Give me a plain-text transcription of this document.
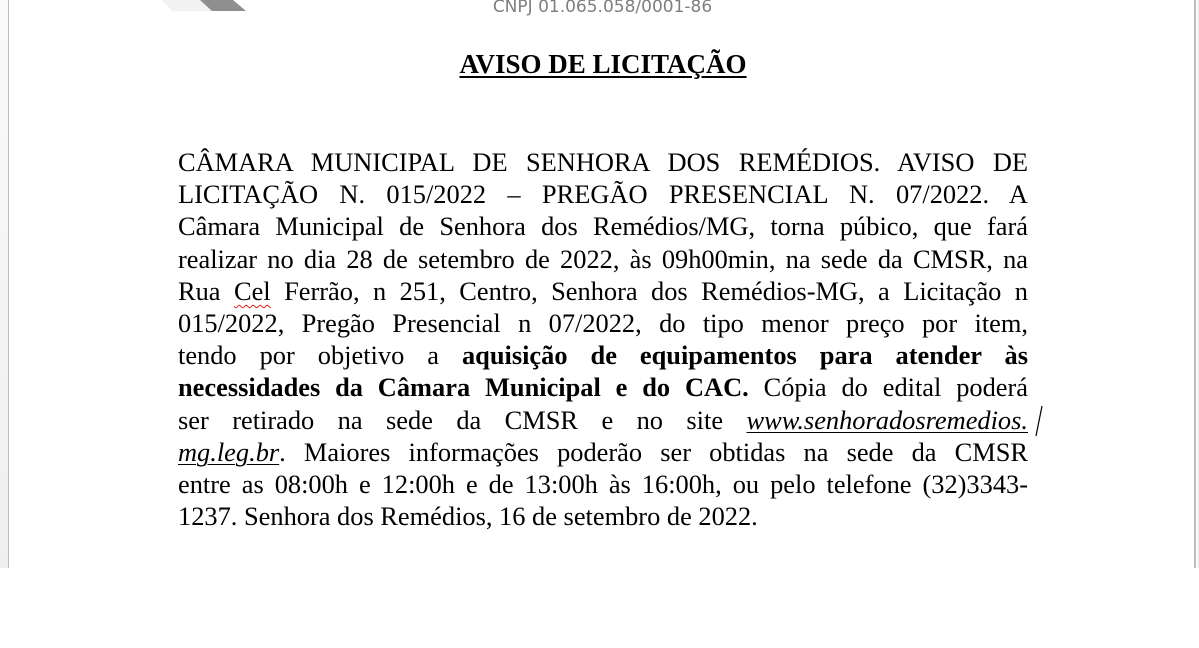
CNPJ 01.065.058/0001-86
AVISO DE LICITAÇÃO
CÂMARA MUNICIPAL DE SENHORA DOS REMÉDIOS. AVISO DE
LICITAÇÃO N. 015/2022 – PREGÃO PRESENCIAL N. 07/2022. A
Câmara Municipal de Senhora dos Remédios/MG, torna púbico, que fará
realizar no dia 28 de setembro de 2022, às 09h00min, na sede da CMSR, na
Rua Cel Ferrão, n 251, Centro, Senhora dos Remédios-MG, a Licitação n
015/2022, Pregão Presencial n 07/2022, do tipo menor preço por item,
tendo por objetivo a aquisição de equipamentos para atender às
necessidades da Câmara Municipal e do CAC. Cópia do edital poderá
ser retirado na sede da CMSR e no site www.senhoradosremedios.
mg.leg.br. Maiores informações poderão ser obtidas na sede da CMSR
entre as 08:00h e 12:00h e de 13:00h às 16:00h, ou pelo telefone (32)3343-
1237. Senhora dos Remédios, 16 de setembro de 2022.
